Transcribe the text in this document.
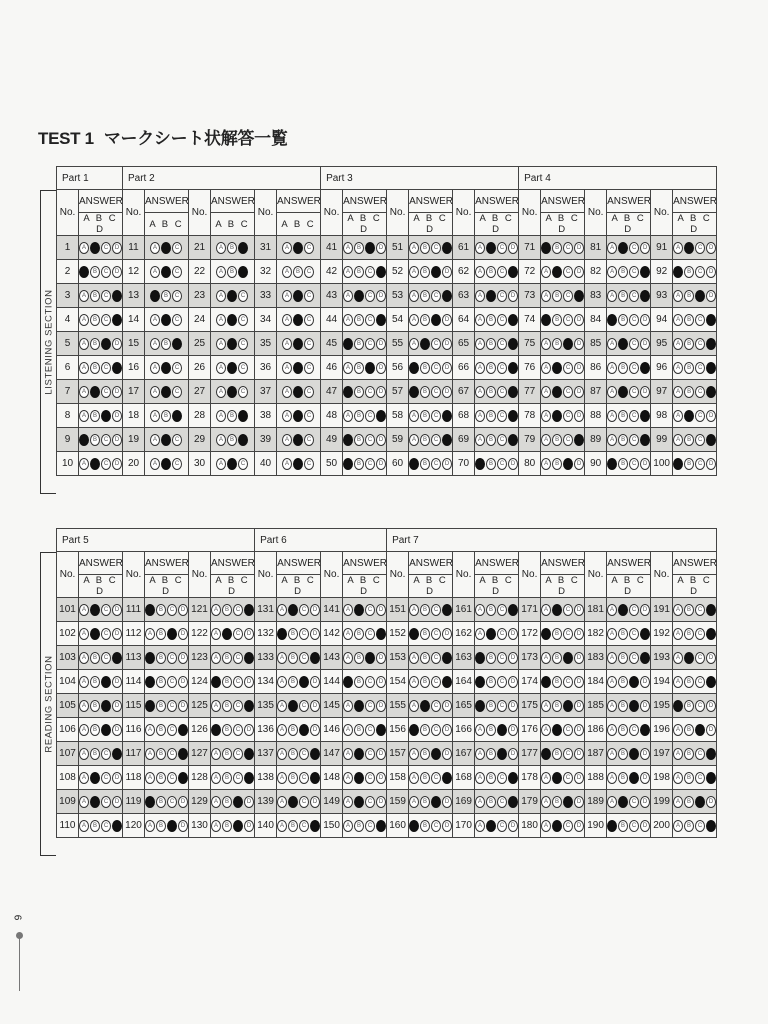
TEST 1 マークシート状解答一覧
LISTENING SECTION
Part 1		Part 2						Part 3						Part 4					
No.	ANSWER	No.	ANSWER	No.	ANSWER	No.	ANSWER	No.	ANSWER	No.	ANSWER	No.	ANSWER	No.	ANSWER	No.	ANSWER	No.	ANSWER
	A B C D		A B C		A B C		A B C		A B C D		A B C D		A B C D		A B C D		A B C D		A B C D
1	A C D	11	A C	21	A B	31	A C	41	A B D	51	A B C	61	A C D	71	B C D	81	A C D	91	A C D
2	B C D	12	A C	22	A B	32	A B C	42	A B C	52	A B D	62	A B C	72	A C D	82	A B C	92	B C D
3	A B C	13	B C	23	A C	33	A C	43	A C D	53	A B C	63	A C D	73	A B C	83	A B C	93	A B D
4	A B C	14	A C	24	A C	34	A C	44	A B C	54	A B D	64	A B C	74	B C D	84	B C D	94	A B C
5	A B D	15	A B	25	A C	35	A C	45	B C D	55	A C D	65	A B C	75	A B D	85	A C D	95	A B C
6	A B C	16	A C	26	A C	36	A C	46	A B D	56	B C D	66	A B C	76	A C D	86	A B C	96	A B C
7	A C D	17	A C	27	A C	37	A C	47	B C D	57	B C D	67	A B C	77	A C D	87	A C D	97	A B C
8	A B D	18	A B	28	A B	38	A C	48	A B C	58	A B C	68	A B C	78	A C D	88	A B C	98	A C D
9	B C D	19	A C	29	A B	39	A C	49	B C D	59	A B C	69	A B C	79	A B C	89	A B C	99	A B C
10	A C D	20	A C	30	A C	40	A C	50	B C D	60	B C D	70	B C D	80	A B D	90	B C D	100	B C D
READING SECTION
Part 5						Part 6				Part 7									
No.	ANSWER	No.	ANSWER	No.	ANSWER	No.	ANSWER	No.	ANSWER	No.	ANSWER	No.	ANSWER	No.	ANSWER	No.	ANSWER	No.	ANSWER
	A B C D		A B C D		A B C D		A B C D		A B C D		A B C D		A B C D		A B C D		A B C D		A B C D
101	A C D	111	B C D	121	A B C	131	A C D	141	A C D	151	A B C	161	A B C	171	A C D	181	A C D	191	A B C
102	A C D	112	A B D	122	A C D	132	B C D	142	A B C	152	B C D	162	A C D	172	B C D	182	A B C	192	A B C
103	A B C	113	B C D	123	A B C	133	A B C	143	A B D	153	A B C	163	B C D	173	A B D	183	A B C	193	A C D
104	A B D	114	B C D	124	B C D	134	A B D	144	B C D	154	A B C	164	B C D	174	B C D	184	A B D	194	A B C
105	A B D	115	B C D	125	A B C	135	A C D	145	A C D	155	A C D	165	B C D	175	A B D	185	A B D	195	B C D
106	A B D	116	A B C	126	B C D	136	A B D	146	A B C	156	B C D	166	A B D	176	A C D	186	A B C	196	A B D
107	A B C	117	A B C	127	A B C	137	A B C	147	A C D	157	A B D	167	A B D	177	B C D	187	A B D	197	A B C
108	A C D	118	A B C	128	A B C	138	A B C	148	A C D	158	A B C	168	A B C	178	A C D	188	A B D	198	A B C
109	A C D	119	B C D	129	A B D	139	A C D	149	A C D	159	A B D	169	A B C	179	A B D	189	A C D	199	A B D
110	A B C	120	A B D	130	A B D	140	A B C	150	A B C	160	B C D	170	A C D	180	A C D	190	B C D	200	A B C
6
